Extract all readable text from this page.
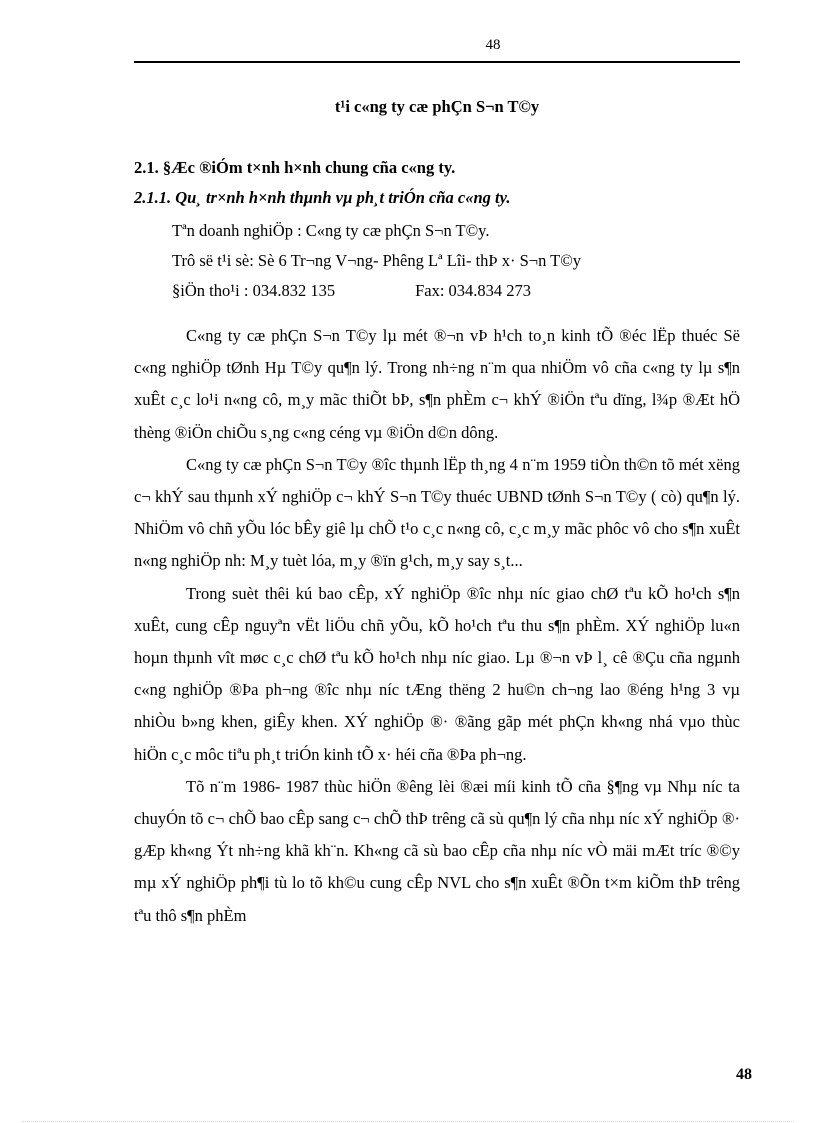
48
t¹i c«ng ty cæ phÇn S¬n T©y
2.1. §Æc ®iÓm t×nh h×nh chung cña c«ng ty.
2.1.1. Qu¸ tr×nh h×nh thµnh vµ ph¸t triÓn cña c«ng ty.
Tªn doanh nghiÖp : C«ng ty cæ phÇn S¬n T©y.
Trô së t¹i sè: Sè 6 Tr¬ng V¬ng- Phêng Lª Lîi- thÞ x· S¬n T©y
§iÖn tho¹i : 034.832 135	Fax: 034.834 273

C«ng ty cæ phÇn S¬n T©y lµ mét ®¬n vÞ h¹ch to¸n kinh tÕ ®éc lËp thuéc Së c«ng nghiÖp tØnh Hµ T©y qu¶n lý. Trong nh÷ng n¨m qua nhiÖm vô cña c«ng ty lµ s¶n xuÊt c¸c lo¹i n«ng cô, m¸y mãc thiÕt bÞ, s¶n phÈm c¬ khÝ ®iÖn tªu dïng, l¾p ®Æt hÖ thèng ®iÖn chiÕu s¸ng c«ng céng vµ ®iÖn d©n dông.

C«ng ty cæ phÇn S¬n T©y ®îc thµnh lËp th¸ng 4 n¨m 1959 tiÒn th©n tõ mét xëng c¬ khÝ sau thµnh xÝ nghiÖp c¬ khÝ S¬n T©y thuéc UBND tØnh S¬n T©y ( cò) qu¶n lý. NhiÖm vô chñ yÕu lóc bÊy giê lµ chÕ t¹o c¸c n«ng cô, c¸c m¸y mãc phôc vô cho s¶n xuÊt n«ng nghiÖp nh: M¸y tuèt lóa, m¸y ®ïn g¹ch, m¸y say s¸t...

Trong suèt thêi kú bao cÊp, xÝ nghiÖp ®îc nhµ níc giao chØ tªu kÕ ho¹ch s¶n xuÊt, cung cÊp nguyªn vËt liÖu chñ yÕu, kÕ ho¹ch tªu thu s¶n phÈm. XÝ nghiÖp lu«n hoµn thµnh vît møc c¸c chØ tªu kÕ ho¹ch nhµ níc giao. Lµ ®¬n vÞ l¸ cê ®Çu cña ngµnh c«ng nghiÖp ®Þa ph¬ng ®îc nhµ níc tÆng thëng 2 hu©n ch¬ng lao ®éng h¹ng 3 vµ nhiÒu b»ng khen, giÊy khen. XÝ nghiÖp ®· ®ãng gãp mét phÇn kh«ng nhá vµo thùc hiÖn c¸c môc tiªu ph¸t triÓn kinh tÕ x· héi cña ®Þa ph¬ng.

Tõ n¨m 1986- 1987 thùc hiÖn ®êng lèi ®æi míi kinh tÕ cña §¶ng vµ Nhµ níc ta chuyÓn tõ c¬ chÕ bao cÊp sang c¬ chÕ thÞ trêng cã sù qu¶n lý cña nhµ níc xÝ nghiÖp ®· gÆp kh«ng Ýt nh÷ng khã kh¨n. Kh«ng cã sù bao cÊp cña nhµ níc vÒ mäi mÆt tríc ®©y mµ xÝ nghiÖp ph¶i tù lo tõ kh©u cung cÊp NVL cho s¶n xuÊt ®Õn t×m kiÕm thÞ trêng tªu thô s¶n phÈm

48
